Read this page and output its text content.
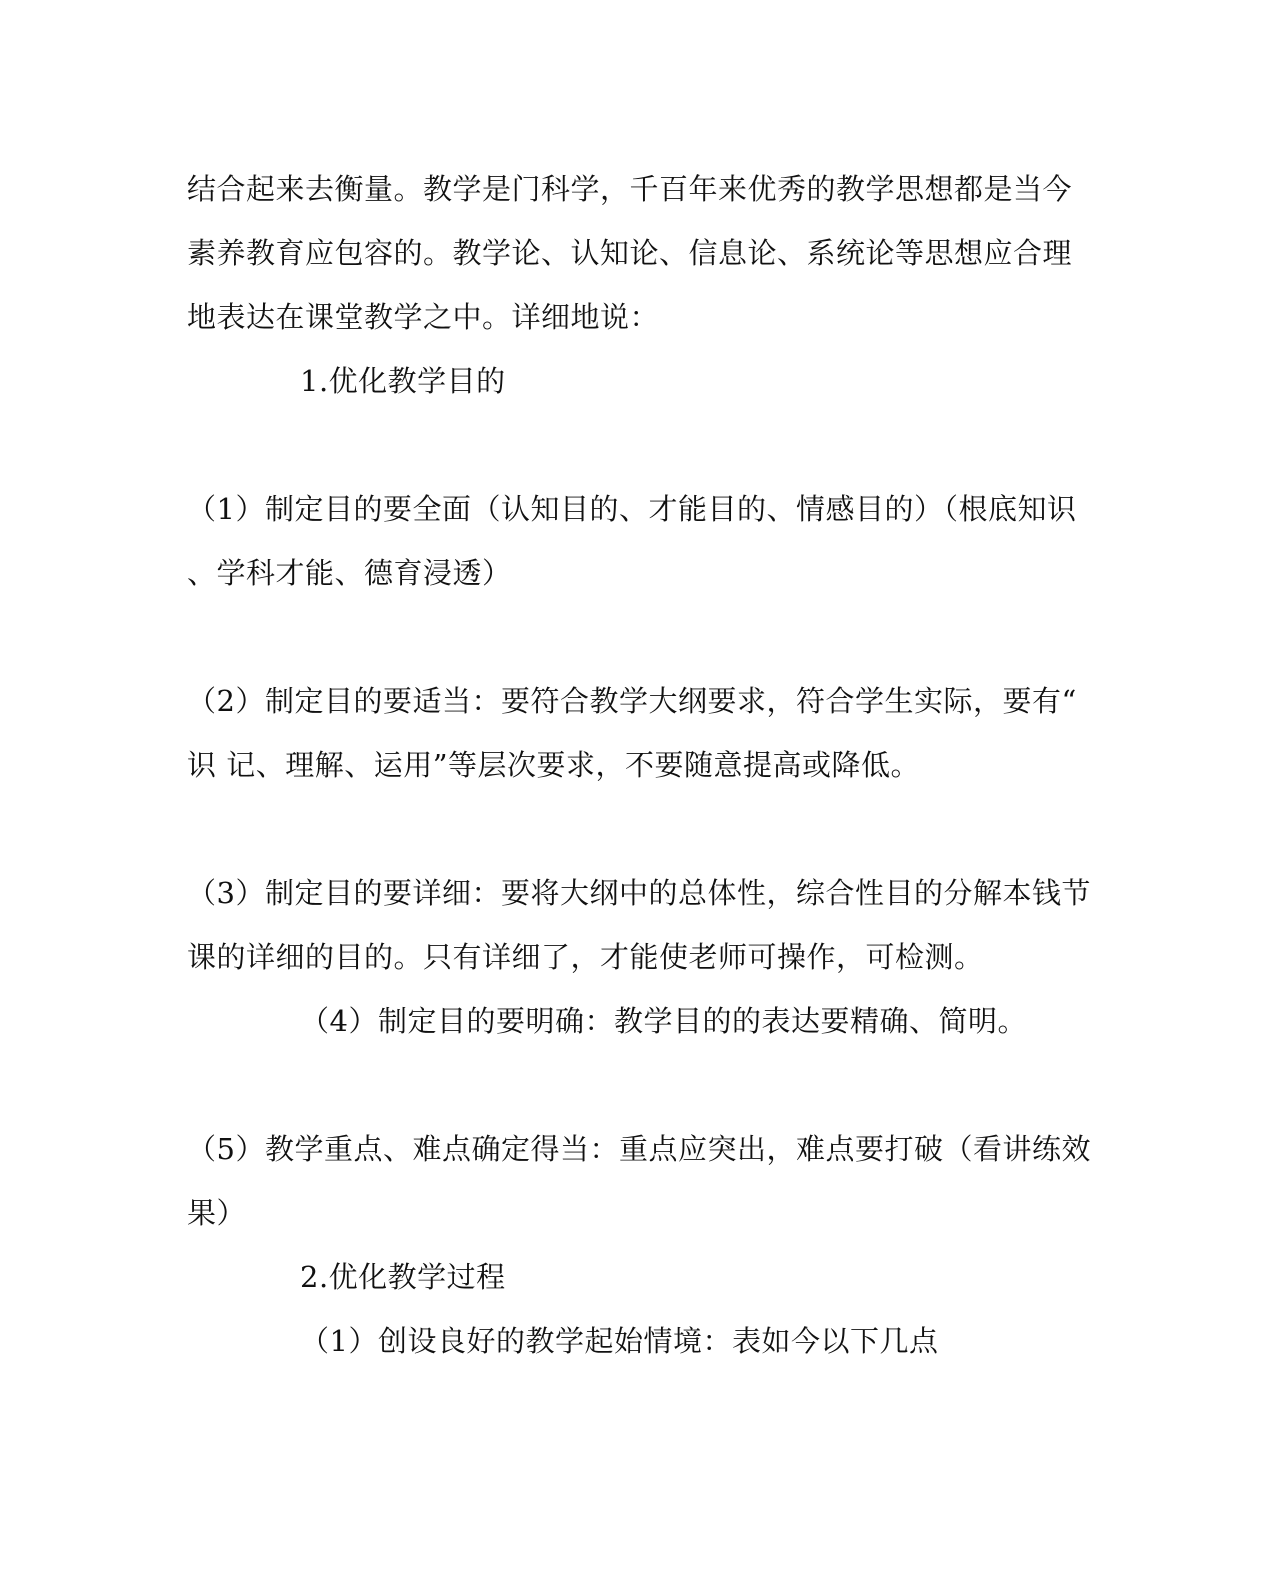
结合起来去衡量。教学是门科学，千百年来优秀的教学思想都是当今
素养教育应包容的。教学论、认知论、信息论、系统论等思想应合理
地表达在课堂教学之中。详细地说：
1.优化教学目的
（1）制定目的要全面（认知目的、才能目的、情感目的）（根底知识
、学科才能、德育浸透）
（2）制定目的要适当：要符合教学大纲要求，符合学生实际，要有“
识 记、理解、运用”等层次要求，不要随意提高或降低。
（3）制定目的要详细：要将大纲中的总体性，综合性目的分解本钱节
课的详细的目的。只有详细了，才能使老师可操作，可检测。
（4）制定目的要明确：教学目的的表达要精确、简明。
（5）教学重点、难点确定得当：重点应突出，难点要打破（看讲练效
果）
2.优化教学过程
（1）创设良好的教学起始情境：表如今以下几点
